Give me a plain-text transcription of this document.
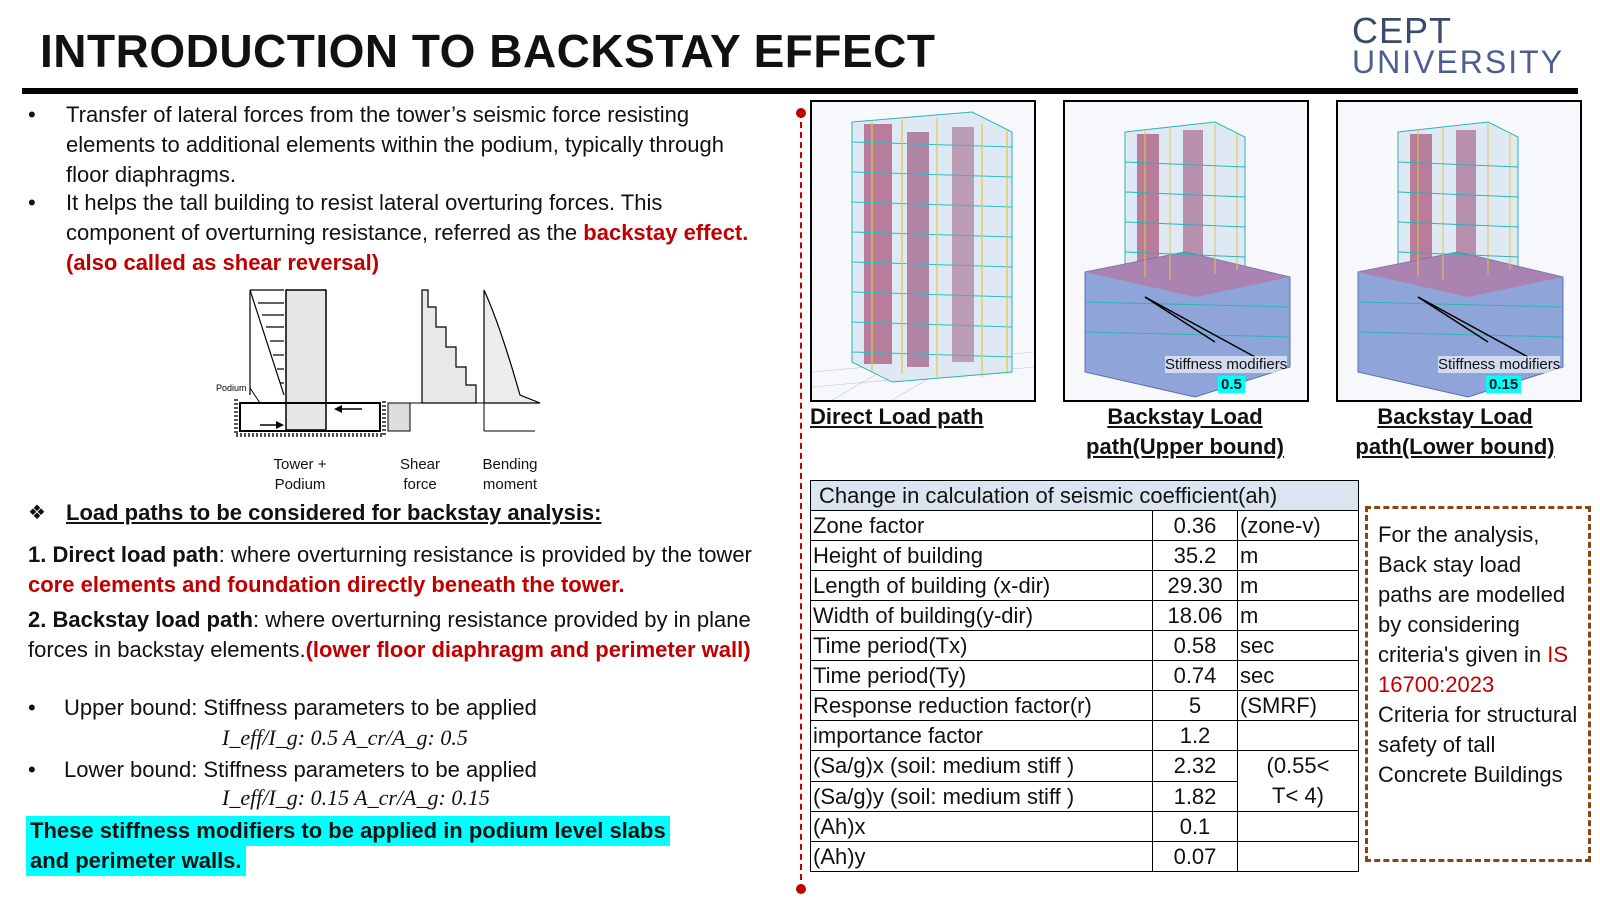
INTRODUCTION TO BACKSTAY EFFECT	CEPT
UNIVERSITY
• Transfer of lateral forces from the tower’s seismic force resisting elements to additional elements within the podium, typically through floor diaphragms.
• It helps the tall building to resist lateral overturing forces. This component of overturning resistance, referred as the backstay effect. (also called as shear reversal)
Podium
Tower +
Podium
Shear
force
Bending
moment
❖ Load paths to be considered for backstay analysis:
1. Direct load path: where overturning resistance is provided by the tower core elements and foundation directly beneath the tower.
2. Backstay load path: where overturning resistance provided by in plane forces in backstay elements.(lower floor diaphragm and perimeter wall)
• Upper bound: Stiffness parameters to be applied
I_eff/I_g: 0.5 A_cr/A_g: 0.5
• Lower bound: Stiffness parameters to be applied
I_eff/I_g: 0.15 A_cr/A_g: 0.15
These stiffness modifiers to be applied in podium level slabs
and perimeter walls.
Stiffness modifiers
0.5
Stiffness modifiers
0.15
Direct Load path	Backstay Load
path(Upper bound)
Backstay Load
path(Lower bound)
Change in calculation of seismic coefficient(ah)		
Zone factor	0.36	(zone-v)
Height of building	35.2	m
Length of building (x-dir)	29.30	m
Width of building(y-dir)	18.06	m
Time period(Tx)	0.58	sec
Time period(Ty)	0.74	sec
Response reduction factor(r)	5	(SMRF)
importance factor	1.2	
(Sa/g)x (soil: medium stiff )	2.32	(0.55<
T< 4)
(Sa/g)y (soil: medium stiff )	1.82	
(Ah)x	0.1	
(Ah)y	0.07	
For the analysis, Back stay load paths are modelled by considering criteria's given in IS 16700:2023
Criteria for structural safety of tall Concrete Buildings
